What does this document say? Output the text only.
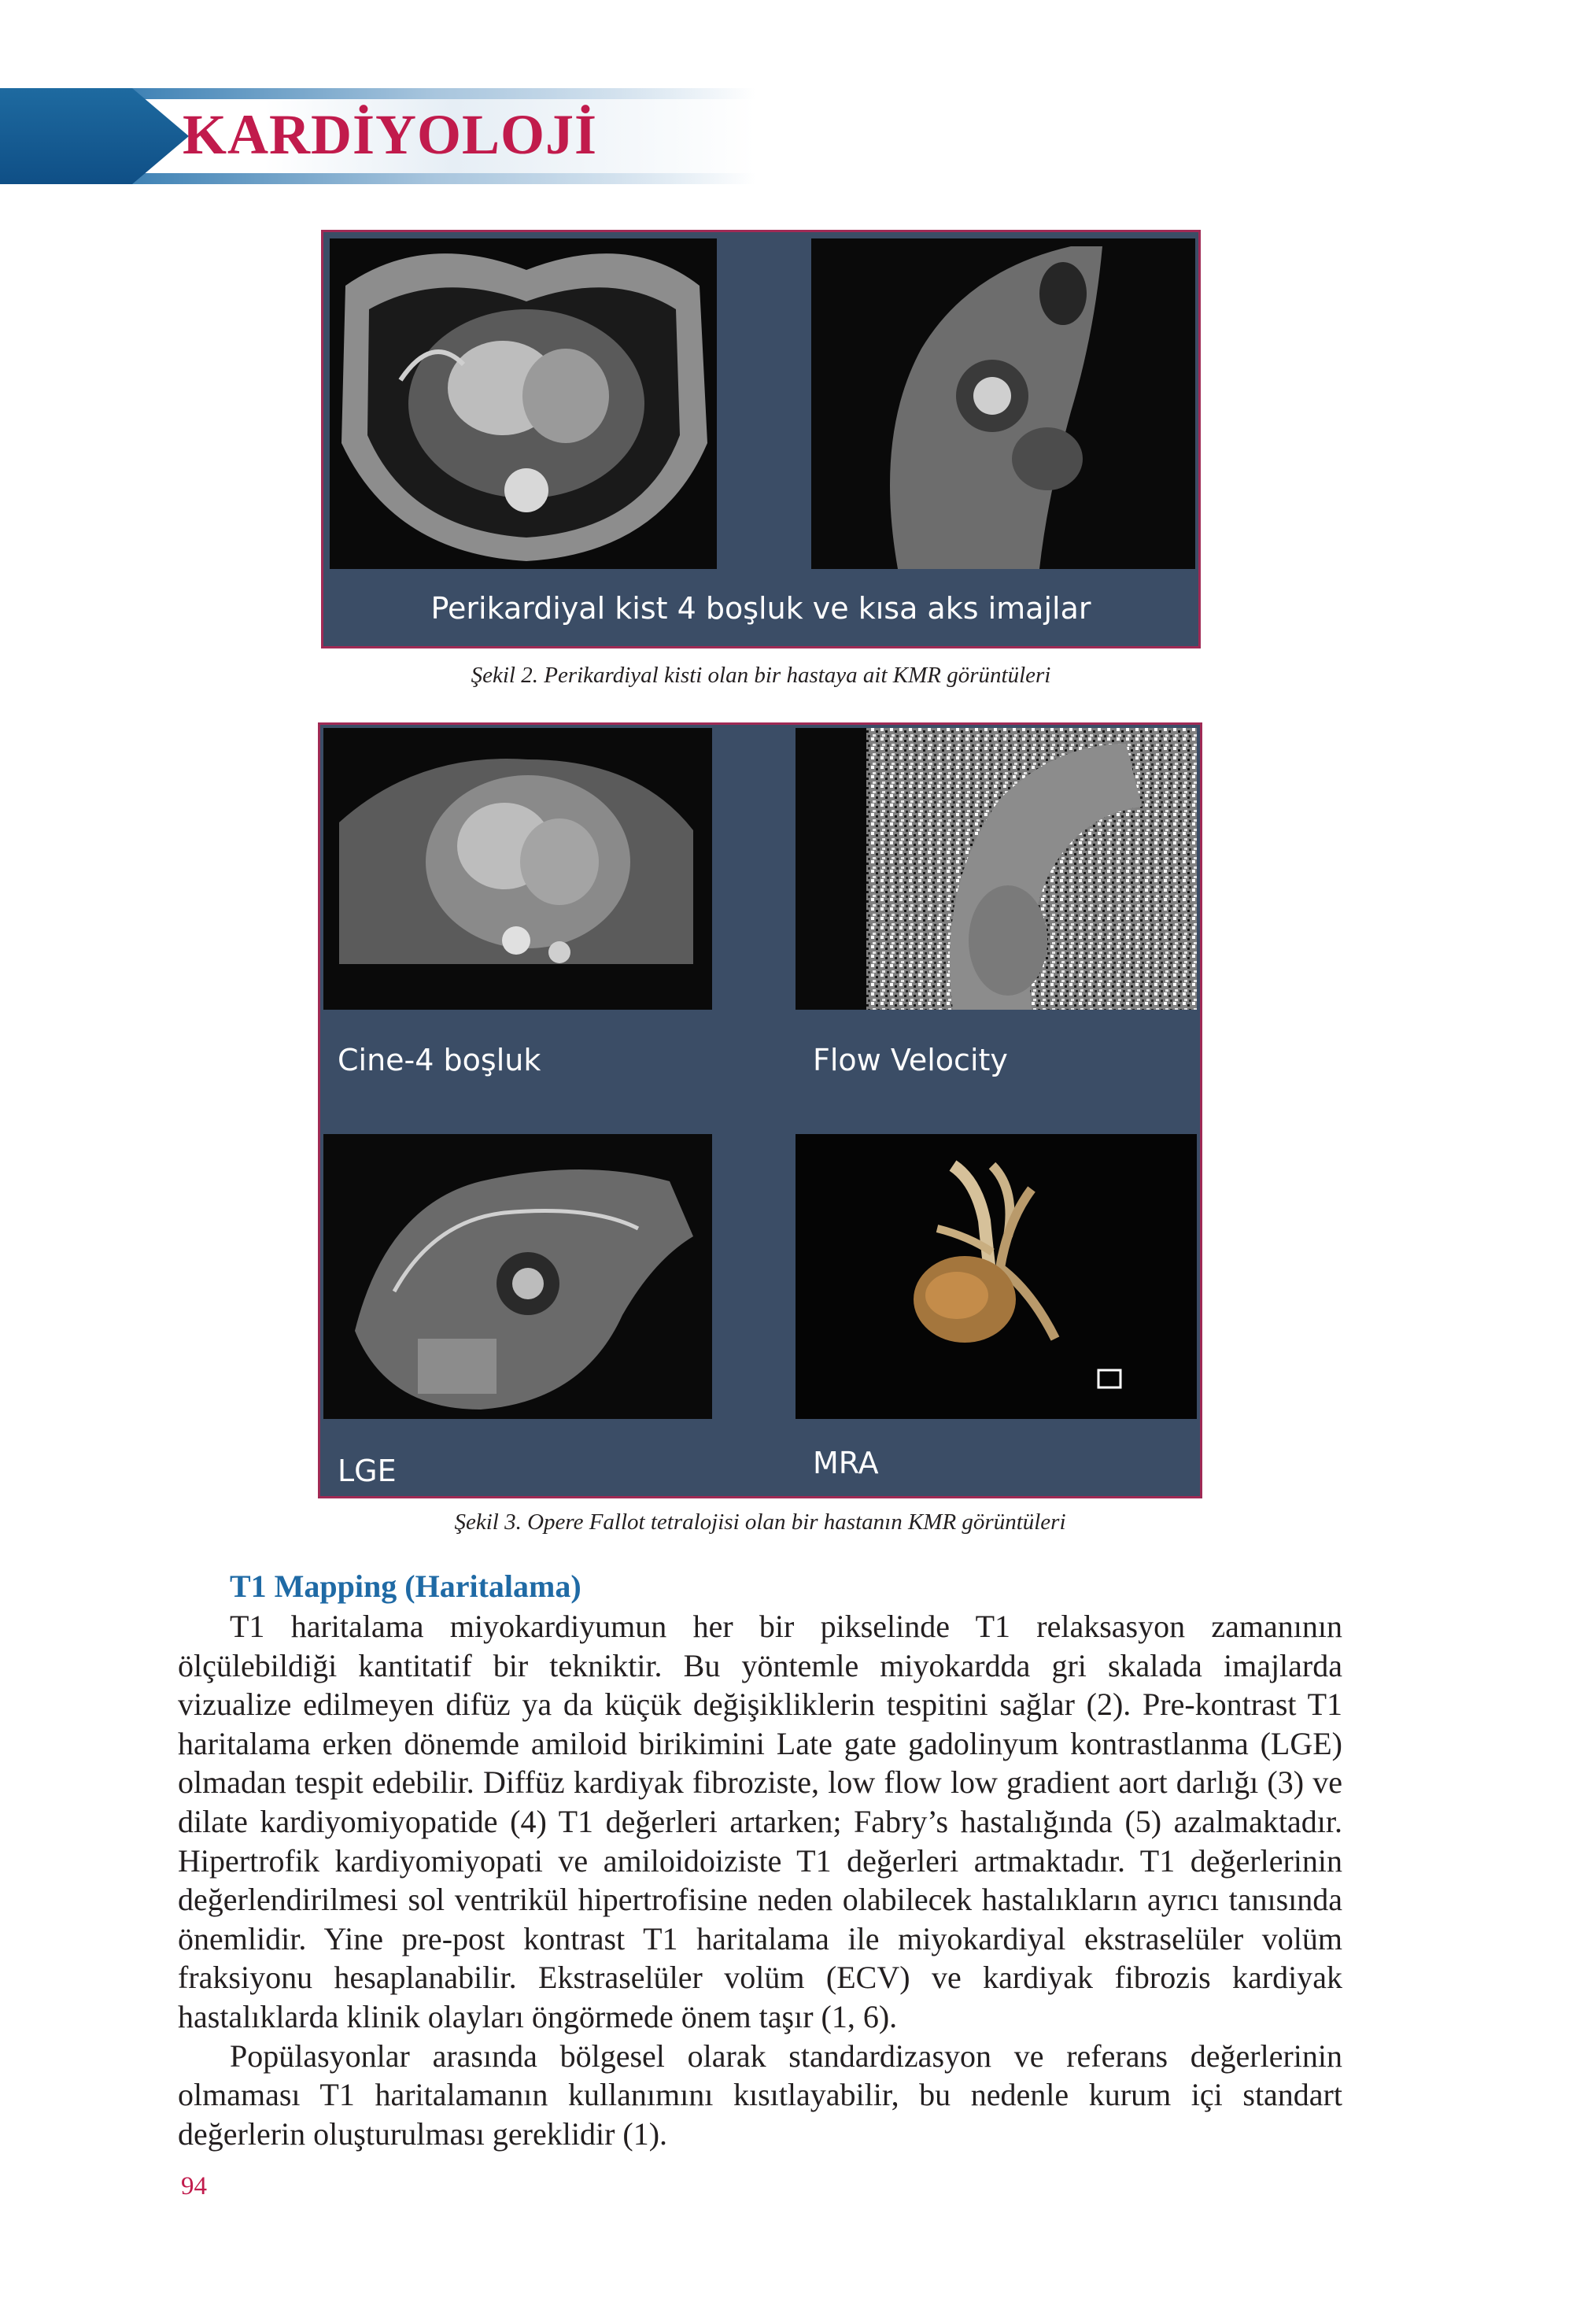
KARDİYOLOJİ
Perikardiyal kist 4 boşluk ve kısa aks imajlar
Şekil 2. Perikardiyal kisti olan bir hastaya ait KMR görüntüleri
Cine-4 boşluk	Flow Velocity
LGE	MRA
Şekil 3. Opere Fallot tetralojisi olan bir hastanın KMR görüntüleri
T1 Mapping (Haritalama)

T1 haritalama miyokardiyumun her bir pikselinde T1 relaksasyon zamanının ölçülebildiği kantitatif bir tekniktir. Bu yöntemle miyokardda gri skalada imajlarda vizualize edilmeyen difüz ya da küçük değişikliklerin tespitini sağlar (2). Pre-kontrast T1 haritalama erken dönemde amiloid birikimini Late gate gadolinyum kontrastlanma (LGE) olmadan tespit edebilir. Diffüz kardiyak fibroziste, low flow low gradient aort darlığı (3) ve dilate kardiyomiyopatide (4) T1 değerleri artarken; Fabry’s hastalığında (5) azalmaktadır. Hipertrofik kardiyomiyopati ve amiloidoiziste T1 değerleri artmaktadır. T1 değerlerinin değerlendirilmesi sol ventrikül hipertrofisine neden olabilecek hastalıkların ayrıcı tanısında önemlidir. Yine pre-post kontrast T1 haritalama ile miyokardiyal ekstraselüler volüm fraksiyonu hesaplanabilir. Ekstraselüler volüm (ECV) ve kardiyak fibrozis kardiyak hastalıklarda klinik olayları öngörmede önem taşır (1, 6).

Popülasyonlar arasında bölgesel olarak standardizasyon ve referans değerlerinin olmaması T1 haritalamanın kullanımını kısıtlayabilir, bu nedenle kurum içi standart değerlerin oluşturulması gereklidir (1).

94
